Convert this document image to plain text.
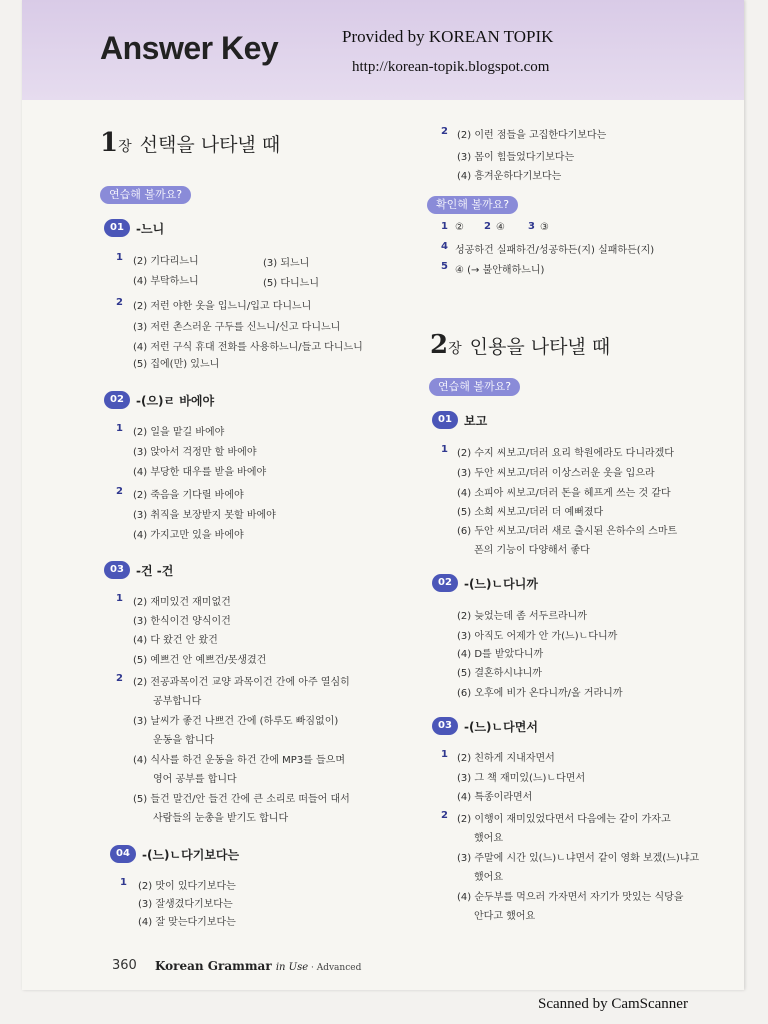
Answer Key	Provided by KOREAN TOPIK
http://korean-topik.blogspot.com
1장 선택을 나타낼 때
연습해 볼까요?
01	-느니
1 (2) 기다리느니	(3) 되느니
(4) 부탁하느니	(5) 다니느니
2 (2) 저런 야한 옷을 입느니/입고 다니느니
(3) 저런 촌스러운 구두를 신느니/신고 다니느니
(4) 저런 구식 휴대 전화를 사용하느니/들고 다니느니
(5) 집에(만) 있느니
02	-(으)ㄹ 바에야
1 (2) 일을 맡길 바에야
(3) 앉아서 걱정만 할 바에야
(4) 부당한 대우를 받을 바에야
2 (2) 죽음을 기다릴 바에야
(3) 취직을 보장받지 못할 바에야
(4) 가지고만 있을 바에야
03	-건 -건
1 (2) 재미있건 재미없건
(3) 한식이건 양식이건
(4) 다 왔건 안 왔건
(5) 예쁘건 안 예쁘건/못생겼건
2 (2) 전공과목이건 교양 과목이건 간에 아주 열심히
공부합니다
(3) 날씨가 좋건 나쁘건 간에 (하루도 빠짐없이)
운동을 합니다
(4) 식사를 하건 운동을 하건 간에 MP3를 들으며
영어 공부를 합니다
(5) 들건 말건/안 들건 간에 큰 소리로 떠들어 대서
사람들의 눈총을 받기도 합니다
04	-(느)ㄴ다기보다는
1 (2) 맛이 있다기보다는
(3) 잘생겼다기보다는
(4) 잘 맞는다기보다는
2 (2) 이런 점들을 고집한다기보다는
(3) 몸이 힘들었다기보다는
(4) 흥겨운하다기보다는
확인해 볼까요?
1 ② 2 ④ 3 ③
4 성공하건 실패하건/성공하든(지) 실패하든(지)
5 ④ (→ 불안해하느니)
2장 인용을 나타낼 때
연습해 볼까요?
01	보고
1 (2) 수지 씨보고/더러 요리 학원에라도 다니라겠다
(3) 두안 씨보고/더러 이상스러운 옷을 입으라
(4) 소피아 씨보고/더러 돈을 헤프게 쓰는 것 같다
(5) 소희 씨보고/더러 더 예뻐졌다
(6) 두안 씨보고/더러 새로 출시된 은하수의 스마트
폰의 기능이 다양해서 좋다
02	-(느)ㄴ다니까
(2) 늦었는데 좀 서두르라니까
(3) 아직도 어제가 안 가(느)ㄴ다니까
(4) D를 받았다니까
(5) 결혼하시냐니까
(6) 오후에 비가 온다니까/올 거라니까
03	-(느)ㄴ다면서
1 (2) 친하게 지내자면서
(3) 그 책 재미있(느)ㄴ다면서
(4) 특종이라면서
2 (2) 이행이 재미있었다면서 다음에는 같이 가자고
했어요
(3) 주말에 시간 있(느)ㄴ냐면서 같이 영화 보겠(느)냐고
했어요
(4) 순두부를 먹으러 가자면서 자기가 맛있는 식당을
안다고 했어요
360 Korean Grammar in Use · Advanced
Scanned by CamScanner
